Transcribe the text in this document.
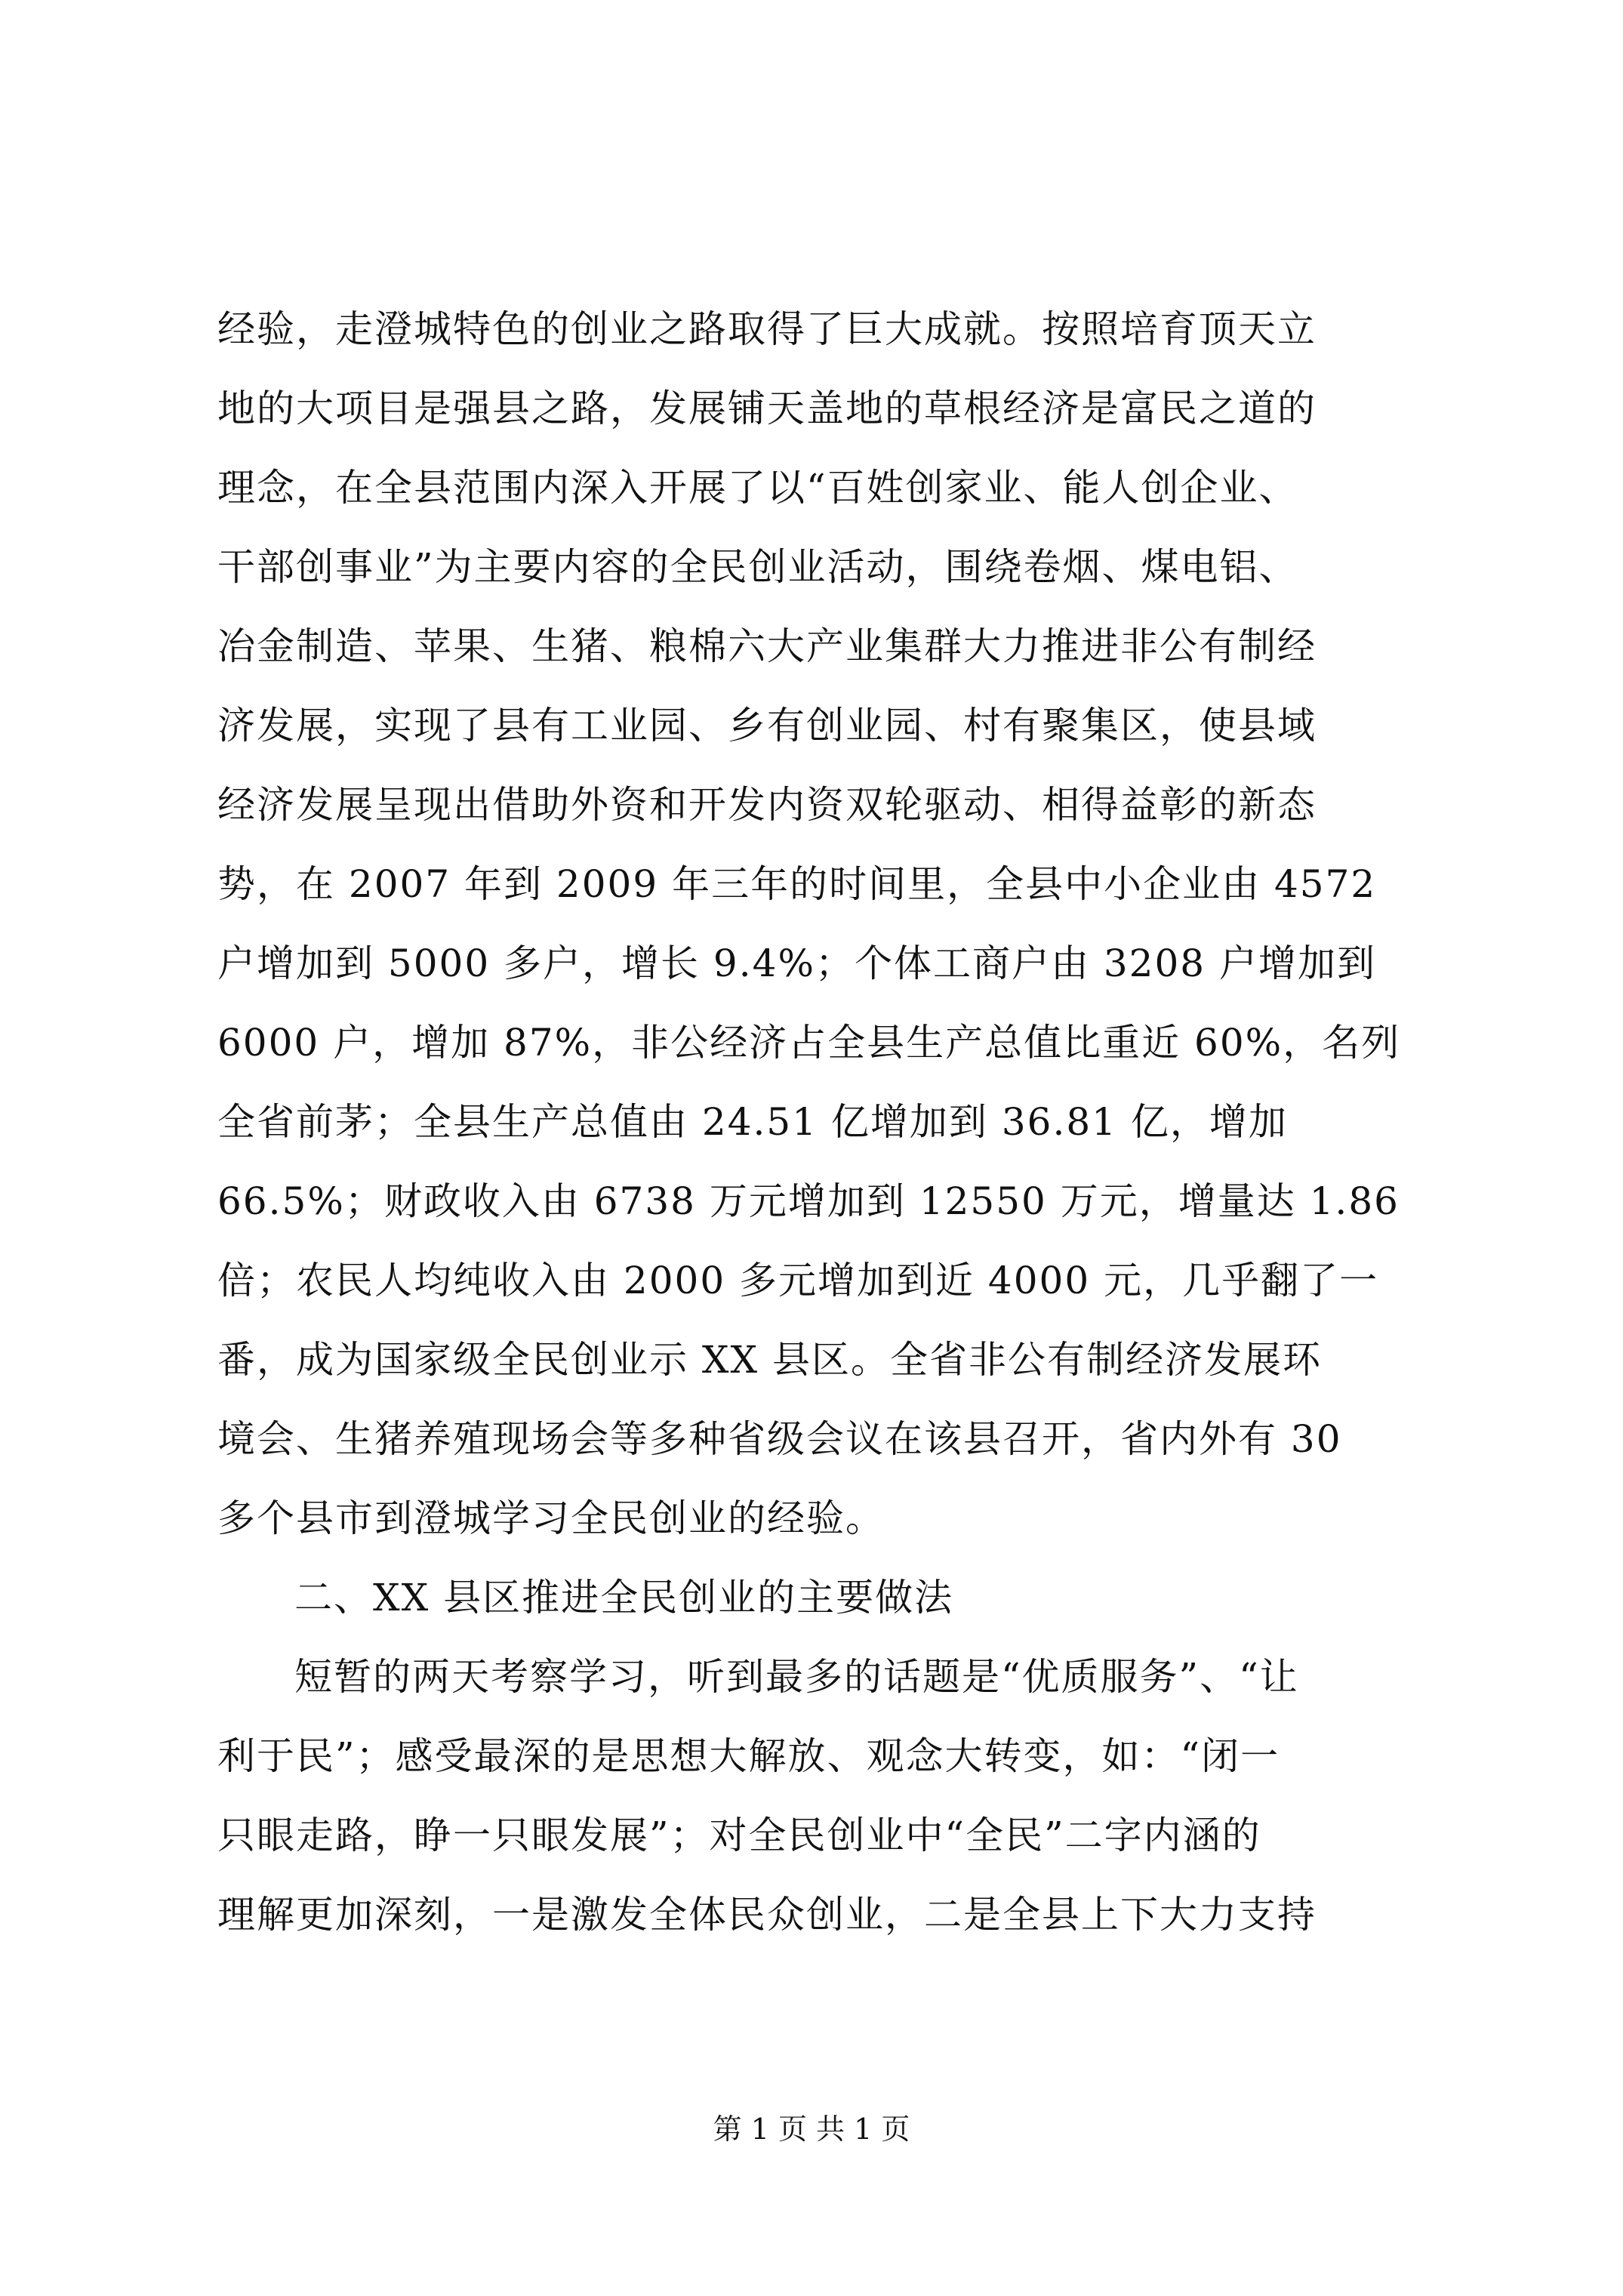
经验，走澄城特色的创业之路取得了巨大成就。按照培育顶天立
地的大项目是强县之路，发展铺天盖地的草根经济是富民之道的
理念，在全县范围内深入开展了以“百姓创家业、能人创企业、
干部创事业”为主要内容的全民创业活动，围绕卷烟、煤电铝、
冶金制造、苹果、生猪、粮棉六大产业集群大力推进非公有制经
济发展，实现了县有工业园、乡有创业园、村有聚集区，使县域
经济发展呈现出借助外资和开发内资双轮驱动、相得益彰的新态
势，在 2007 年到 2009 年三年的时间里，全县中小企业由 4572
户增加到 5000 多户，增长 9.4%；个体工商户由 3208 户增加到
6000 户，增加 87%，非公经济占全县生产总值比重近 60%，名列
全省前茅；全县生产总值由 24.51 亿增加到 36.81 亿，增加
66.5%；财政收入由 6738 万元增加到 12550 万元，增量达 1.86
倍；农民人均纯收入由 2000 多元增加到近 4000 元，几乎翻了一
番，成为国家级全民创业示 XX 县区。全省非公有制经济发展环
境会、生猪养殖现场会等多种省级会议在该县召开，省内外有 30
多个县市到澄城学习全民创业的经验。
二、XX 县区推进全民创业的主要做法
短暂的两天考察学习，听到最多的话题是“优质服务”、“让
利于民”；感受最深的是思想大解放、观念大转变，如：“闭一
只眼走路，睁一只眼发展”；对全民创业中“全民”二字内涵的
理解更加深刻，一是激发全体民众创业，二是全县上下大力支持
第 1 页 共 1 页
